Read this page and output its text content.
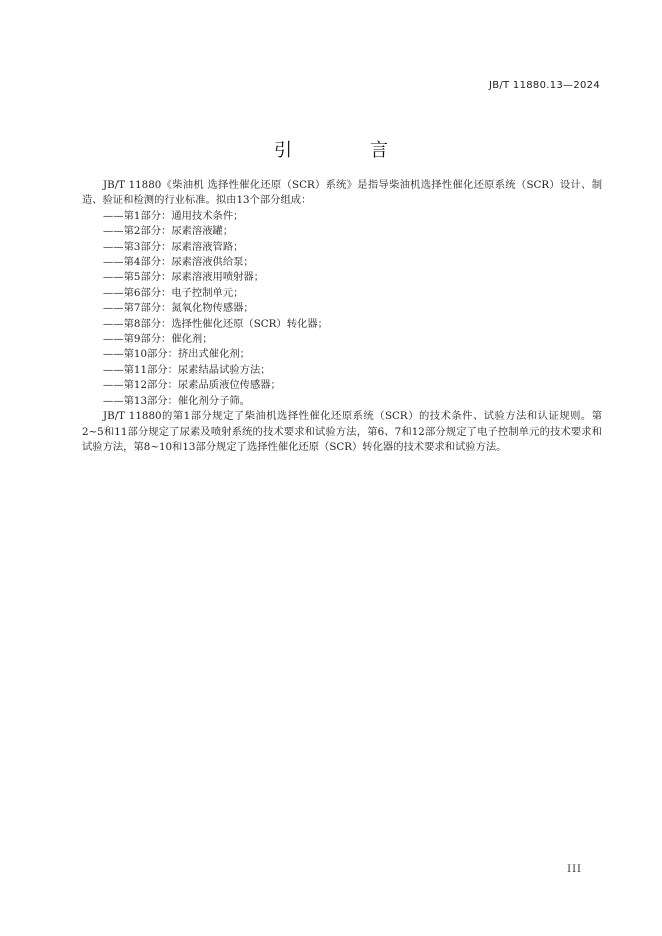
JB/T 11880.13—2024
引　言

JB/T 11880《柴油机 选择性催化还原（SCR）系统》是指导柴油机选择性催化还原系统（SCR）设计、制造、验证和检测的行业标准。拟由13个部分组成：

——第1部分：通用技术条件；
——第2部分：尿素溶液罐；
——第3部分：尿素溶液管路；
——第4部分：尿素溶液供给泵；
——第5部分：尿素溶液用喷射器；
——第6部分：电子控制单元；
——第7部分：氮氧化物传感器；
——第8部分：选择性催化还原（SCR）转化器；
——第9部分：催化剂；
——第10部分：挤出式催化剂；
——第11部分：尿素结晶试验方法；
——第12部分：尿素品质液位传感器；
——第13部分：催化剂分子筛。

JB/T 11880的第1部分规定了柴油机选择性催化还原系统（SCR）的技术条件、试验方法和认证规则。第2~5和11部分规定了尿素及喷射系统的技术要求和试验方法，第6、7和12部分规定了电子控制单元的技术要求和试验方法，第8~10和13部分规定了选择性催化还原（SCR）转化器的技术要求和试验方法。

III
